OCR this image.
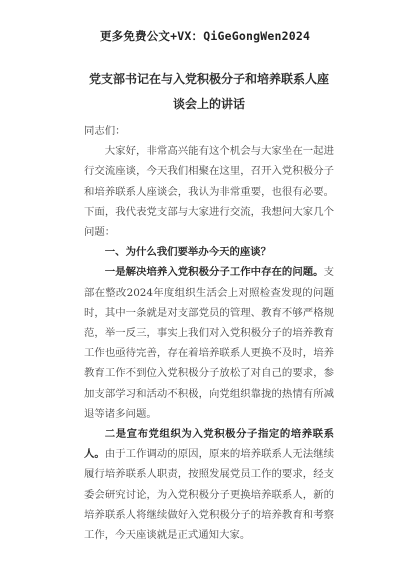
更多免费公文+VX：QiGeGongWen2024
党支部书记在与入党积极分子和培养联系人座谈会上的讲话

同志们：

大家好，非常高兴能有这个机会与大家坐在一起进行交流座谈，今天我们相聚在这里，召开入党积极分子和培养联系人座谈会，我认为非常重要，也很有必要。下面，我代表党支部与大家进行交流，我想问大家几个问题：

一、为什么我们要举办今天的座谈？

一是解决培养入党积极分子工作中存在的问题。支部在整改2024年度组织生活会上对照检查发现的问题时，其中一条就是对支部党员的管理、教育不够严格规范，举一反三，事实上我们对入党积极分子的培养教育工作也亟待完善，存在着培养联系人更换不及时，培养教育工作不到位入党积极分子放松了对自己的要求，参加支部学习和活动不积极，向党组织靠拢的热情有所减退等诸多问题。

二是宣布党组织为入党积极分子指定的培养联系人。由于工作调动的原因，原来的培养联系人无法继续履行培养联系人职责，按照发展党员工作的要求，经支委会研究讨论，为入党积极分子更换培养联系人，新的培养联系人将继续做好入党积极分子的培养教育和考察工作，今天座谈就是正式通知大家。
